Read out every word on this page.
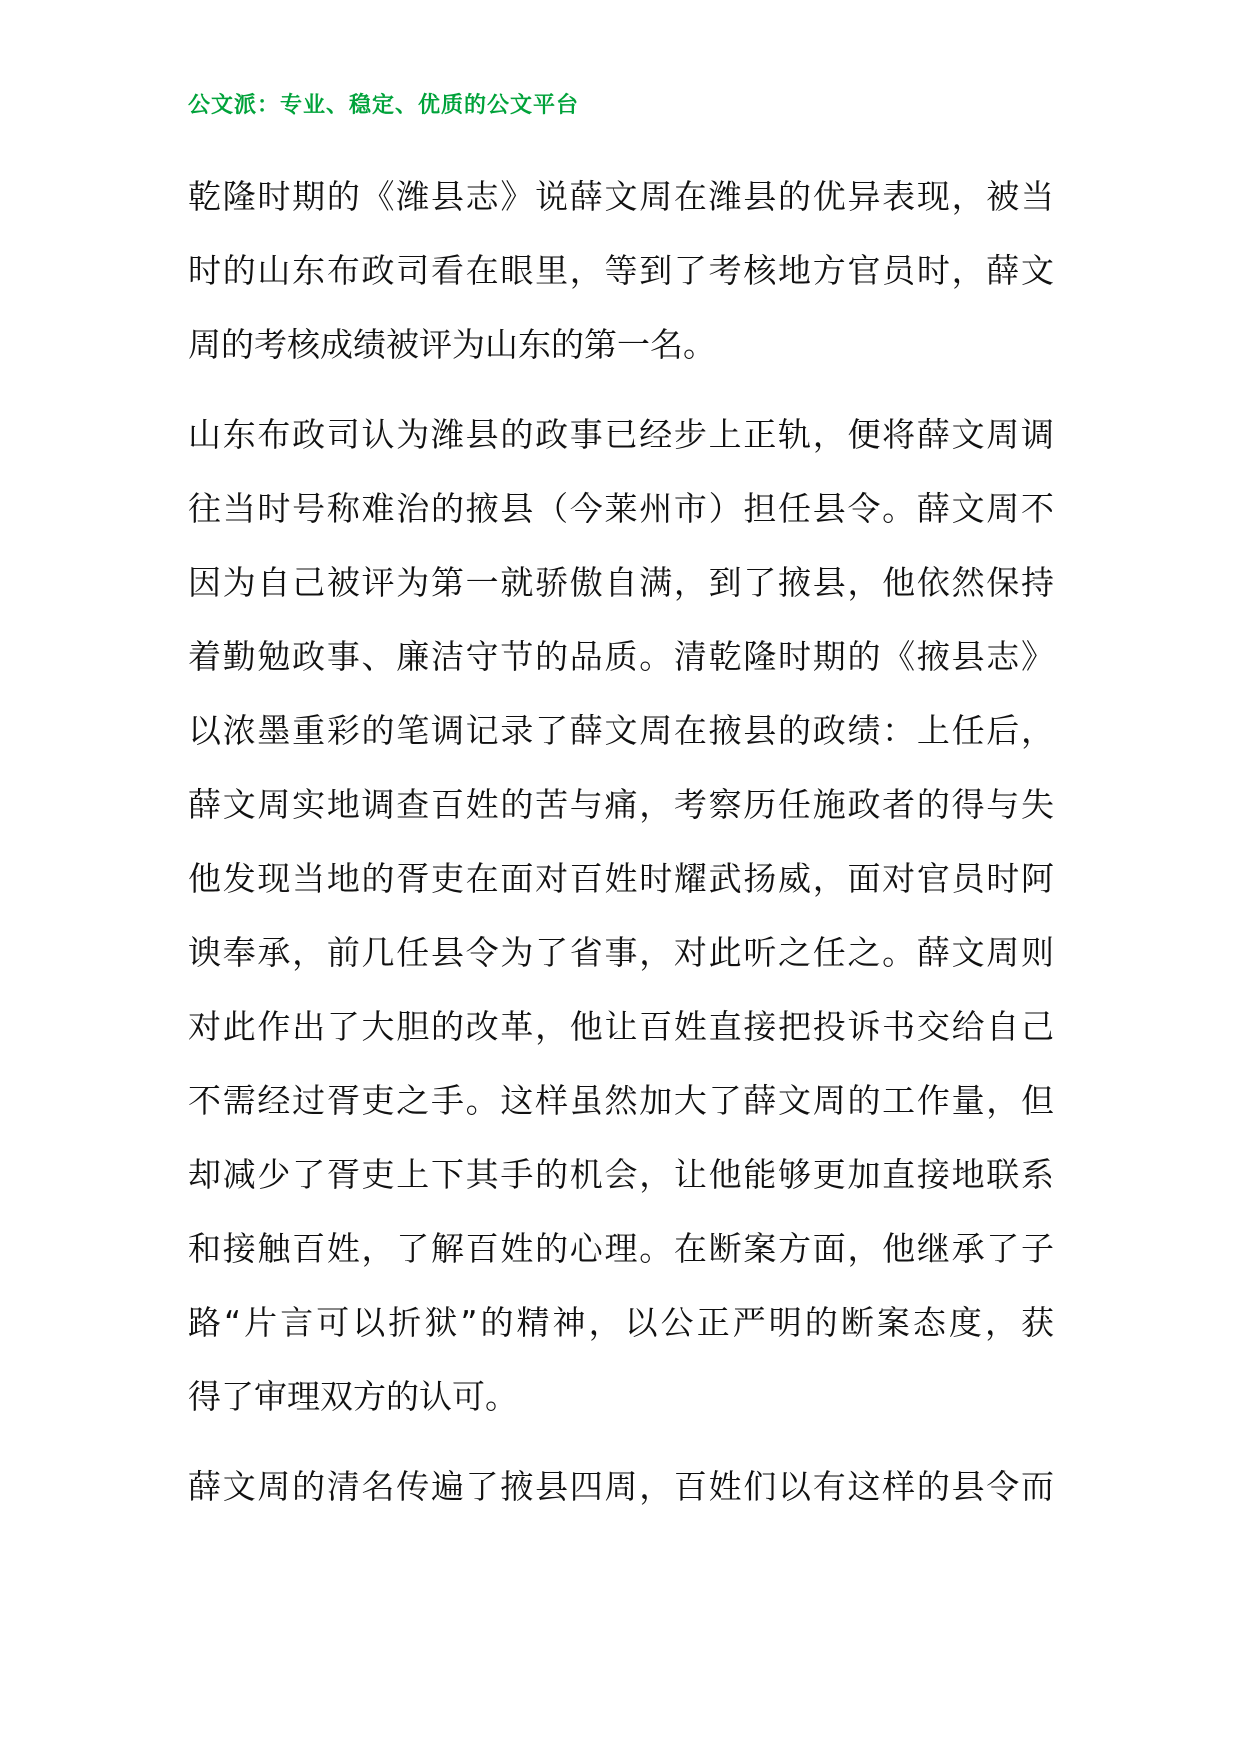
公文派：专业、稳定、优质的公文平台
乾隆时期的《潍县志》说薛文周在潍县的优异表现，被当
时的山东布政司看在眼里，等到了考核地方官员时，薛文
周的考核成绩被评为山东的第一名。
山东布政司认为潍县的政事已经步上正轨，便将薛文周调
往当时号称难治的掖县（今莱州市）担任县令。薛文周不
因为自己被评为第一就骄傲自满，到了掖县，他依然保持
着勤勉政事、廉洁守节的品质。清乾隆时期的《掖县志》
以浓墨重彩的笔调记录了薛文周在掖县的政绩：上任后，
薛文周实地调查百姓的苦与痛，考察历任施政者的得与失
他发现当地的胥吏在面对百姓时耀武扬威，面对官员时阿
谀奉承，前几任县令为了省事，对此听之任之。薛文周则
对此作出了大胆的改革，他让百姓直接把投诉书交给自己
不需经过胥吏之手。这样虽然加大了薛文周的工作量，但
却减少了胥吏上下其手的机会，让他能够更加直接地联系
和接触百姓，了解百姓的心理。在断案方面，他继承了子
路“片言可以折狱”的精神，以公正严明的断案态度，获
得了审理双方的认可。
薛文周的清名传遍了掖县四周，百姓们以有这样的县令而
